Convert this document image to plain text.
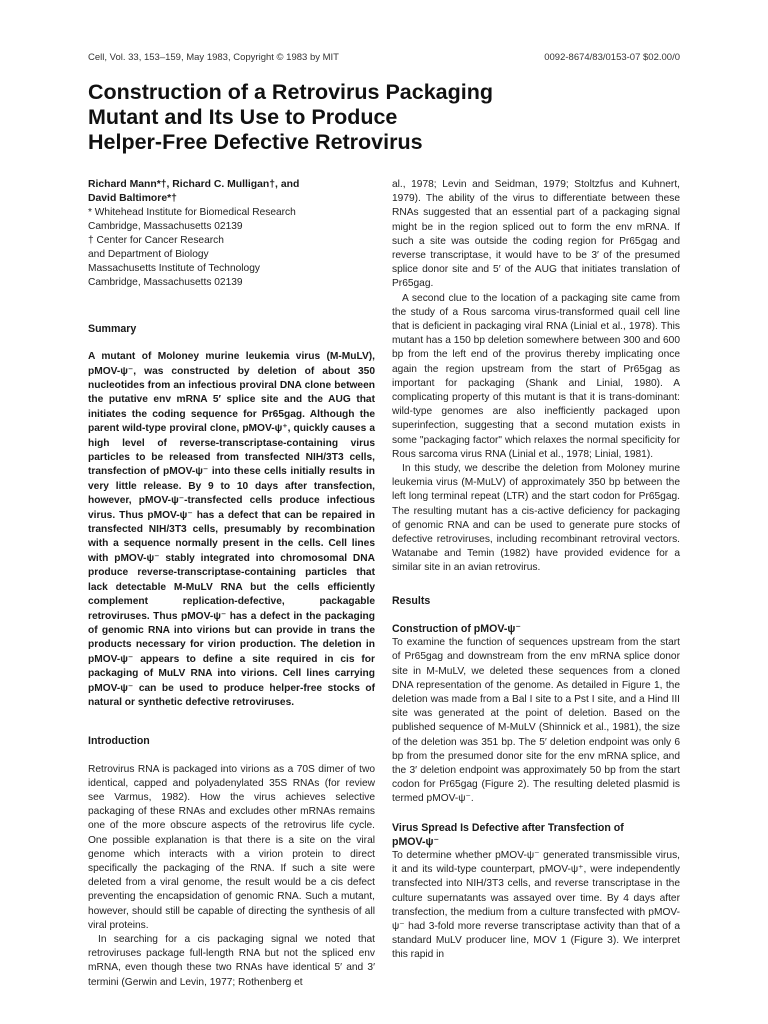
Cell, Vol. 33, 153–159, May 1983, Copyright © 1983 by MIT	0092-8674/83/0153-07 $02.00/0
Construction of a Retrovirus Packaging
Mutant and Its Use to Produce
Helper-Free Defective Retrovirus
Richard Mann*†, Richard C. Mulligan†, and
David Baltimore*†
* Whitehead Institute for Biomedical Research
Cambridge, Massachusetts 02139
† Center for Cancer Research
and Department of Biology
Massachusetts Institute of Technology
Cambridge, Massachusetts 02139
Summary
A mutant of Moloney murine leukemia virus (M-MuLV), pMOV-ψ⁻, was constructed by deletion of about 350 nucleotides from an infectious proviral DNA clone between the putative env mRNA 5′ splice site and the AUG that initiates the coding sequence for Pr65gag. Although the parent wild-type proviral clone, pMOV-ψ⁺, quickly causes a high level of reverse-transcriptase-containing virus particles to be released from transfected NIH/3T3 cells, transfection of pMOV-ψ⁻ into these cells initially results in very little release. By 9 to 10 days after transfection, however, pMOV-ψ⁻-transfected cells produce infectious virus. Thus pMOV-ψ⁻ has a defect that can be repaired in transfected NIH/3T3 cells, presumably by recombination with a sequence normally present in the cells. Cell lines with pMOV-ψ⁻ stably integrated into chromosomal DNA produce reverse-transcriptase-containing particles that lack detectable M-MuLV RNA but the cells efficiently complement replication-defective, packagable retroviruses. Thus pMOV-ψ⁻ has a defect in the packaging of genomic RNA into virions but can provide in trans the products necessary for virion production. The deletion in pMOV-ψ⁻ appears to define a site required in cis for packaging of MuLV RNA into virions. Cell lines carrying pMOV-ψ⁻ can be used to produce helper-free stocks of natural or synthetic defective retroviruses.
Introduction
Retrovirus RNA is packaged into virions as a 70S dimer of two identical, capped and polyadenylated 35S RNAs (for review see Varmus, 1982). How the virus achieves selective packaging of these RNAs and excludes other mRNAs remains one of the more obscure aspects of the retrovirus life cycle. One possible explanation is that there is a site on the viral genome which interacts with a virion protein to direct specifically the packaging of the RNA. If such a site were deleted from a viral genome, the result would be a cis defect preventing the encapsidation of genomic RNA. Such a mutant, however, should still be capable of directing the synthesis of all viral proteins.
In searching for a cis packaging signal we noted that retroviruses package full-length RNA but not the spliced env mRNA, even though these two RNAs have identical 5′ and 3′ termini (Gerwin and Levin, 1977; Rothenberg et
al., 1978; Levin and Seidman, 1979; Stoltzfus and Kuhnert, 1979). The ability of the virus to differentiate between these RNAs suggested that an essential part of a packaging signal might be in the region spliced out to form the env mRNA. If such a site was outside the coding region for Pr65gag and reverse transcriptase, it would have to be 3′ of the presumed splice donor site and 5′ of the AUG that initiates translation of Pr65gag.
A second clue to the location of a packaging site came from the study of a Rous sarcoma virus-transformed quail cell line that is deficient in packaging viral RNA (Linial et al., 1978). This mutant has a 150 bp deletion somewhere between 300 and 600 bp from the left end of the provirus thereby implicating once again the region upstream from the start of Pr65gag as important for packaging (Shank and Linial, 1980). A complicating property of this mutant is that it is trans-dominant: wild-type genomes are also inefficiently packaged upon superinfection, suggesting that a second mutation exists in some "packaging factor" which relaxes the normal specificity for Rous sarcoma virus RNA (Linial et al., 1978; Linial, 1981).
In this study, we describe the deletion from Moloney murine leukemia virus (M-MuLV) of approximately 350 bp between the left long terminal repeat (LTR) and the start codon for Pr65gag. The resulting mutant has a cis-active deficiency for packaging of genomic RNA and can be used to generate pure stocks of defective retroviruses, including recombinant retroviral vectors. Watanabe and Temin (1982) have provided evidence for a similar site in an avian retrovirus.
Results
Construction of pMOV-ψ⁻
To examine the function of sequences upstream from the start of Pr65gag and downstream from the env mRNA splice donor site in M-MuLV, we deleted these sequences from a cloned DNA representation of the genome. As detailed in Figure 1, the deletion was made from a Bal I site to a Pst I site, and a Hind III site was generated at the point of deletion. Based on the published sequence of M-MuLV (Shinnick et al., 1981), the size of the deletion was 351 bp. The 5′ deletion endpoint was only 6 bp from the presumed donor site for the env mRNA splice, and the 3′ deletion endpoint was approximately 50 bp from the start codon for Pr65gag (Figure 2). The resulting deleted plasmid is termed pMOV-ψ⁻.
Virus Spread Is Defective after Transfection of
pMOV-ψ⁻
To determine whether pMOV-ψ⁻ generated transmissible virus, it and its wild-type counterpart, pMOV-ψ⁺, were independently transfected into NIH/3T3 cells, and reverse transcriptase in the culture supernatants was assayed over time. By 4 days after transfection, the medium from a culture transfected with pMOV-ψ⁻ had 3-fold more reverse transcriptase activity than that of a standard MuLV producer line, MOV 1 (Figure 3). We interpret this rapid in
